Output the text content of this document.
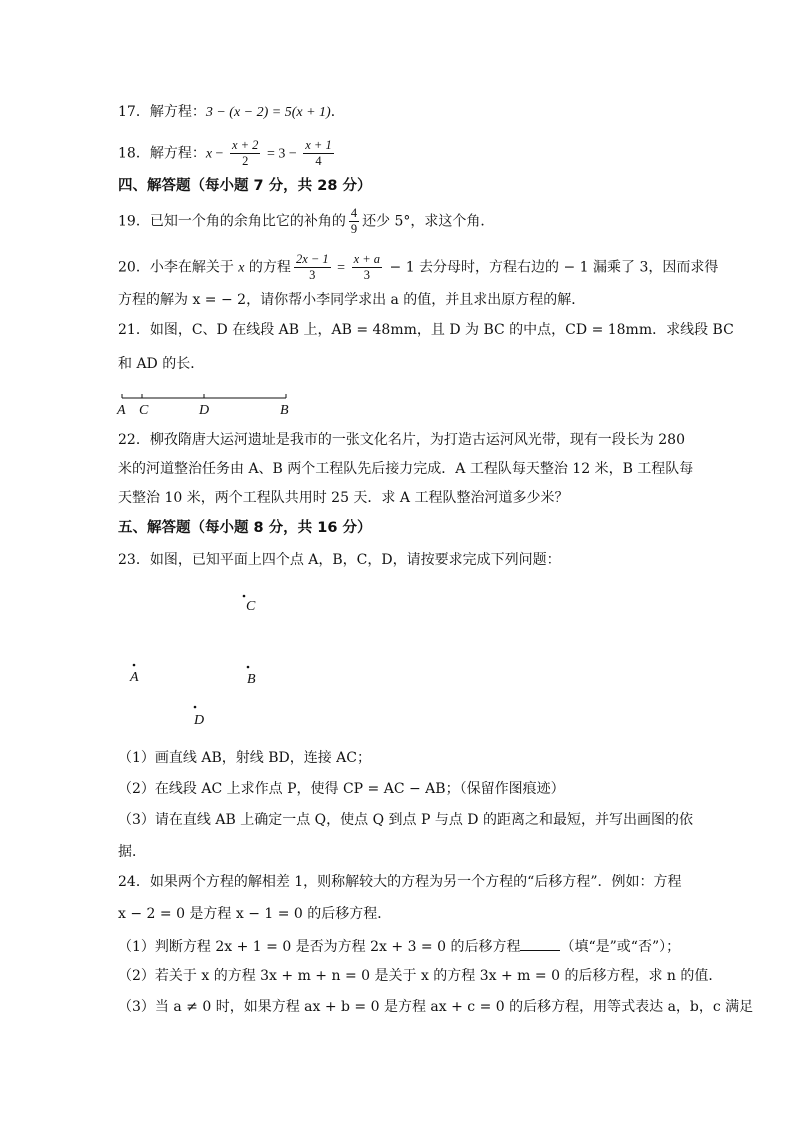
17．解方程：3 − (x − 2) = 5(x + 1)．
18．解方程：$x - \frac{x + 2}{2} = 3 - \frac{x + 1}{4}$
四、解答题（每小题 7 分，共 28 分）
19．已知一个角的余角比它的补角的 $\frac{4}{9}$ 还少 5°，求这个角．
20．小李在解关于 x 的方程 $\frac{2x - 1}{3} = \frac{x + a}{3} - 1$ 去分母时，方程右边的 − 1 漏乘了 3，因而求得
方程的解为 x = − 2，请你帮小李同学求出 a 的值，并且求出原方程的解．
21．如图，C、D 在线段 AB 上，AB = 48mm，且 D 为 BC 的中点，CD = 18mm．求线段 BC
和 AD 的长．
A C	D	B
22．柳孜隋唐大运河遗址是我市的一张文化名片，为打造古运河风光带，现有一段长为 280
米的河道整治任务由 A、B 两个工程队先后接力完成．A 工程队每天整治 12 米，B 工程队每
天整治 10 米，两个工程队共用时 25 天．求 A 工程队整治河道多少米？
五、解答题（每小题 8 分，共 16 分）
23．如图，已知平面上四个点 A，B，C，D，请按要求完成下列问题：
C
A	B
D
（1）画直线 AB，射线 BD，连接 AC；
（2）在线段 AC 上求作点 P，使得 CP = AC − AB；（保留作图痕迹）
（3）请在直线 AB 上确定一点 Q，使点 Q 到点 P 与点 D 的距离之和最短，并写出画图的依
据．
24．如果两个方程的解相差 1，则称解较大的方程为另一个方程的“后移方程”．例如：方程
x − 2 = 0 是方程 x − 1 = 0 的后移方程．
（1）判断方程 2x + 1 = 0 是否为方程 2x + 3 = 0 的后移方程	（填“是”或“否”）；
（2）若关于 x 的方程 3x + m + n = 0 是关于 x 的方程 3x + m = 0 的后移方程，求 n 的值．
（3）当 a ≠ 0 时，如果方程 ax + b = 0 是方程 ax + c = 0 的后移方程，用等式表达 a，b，c 满足
